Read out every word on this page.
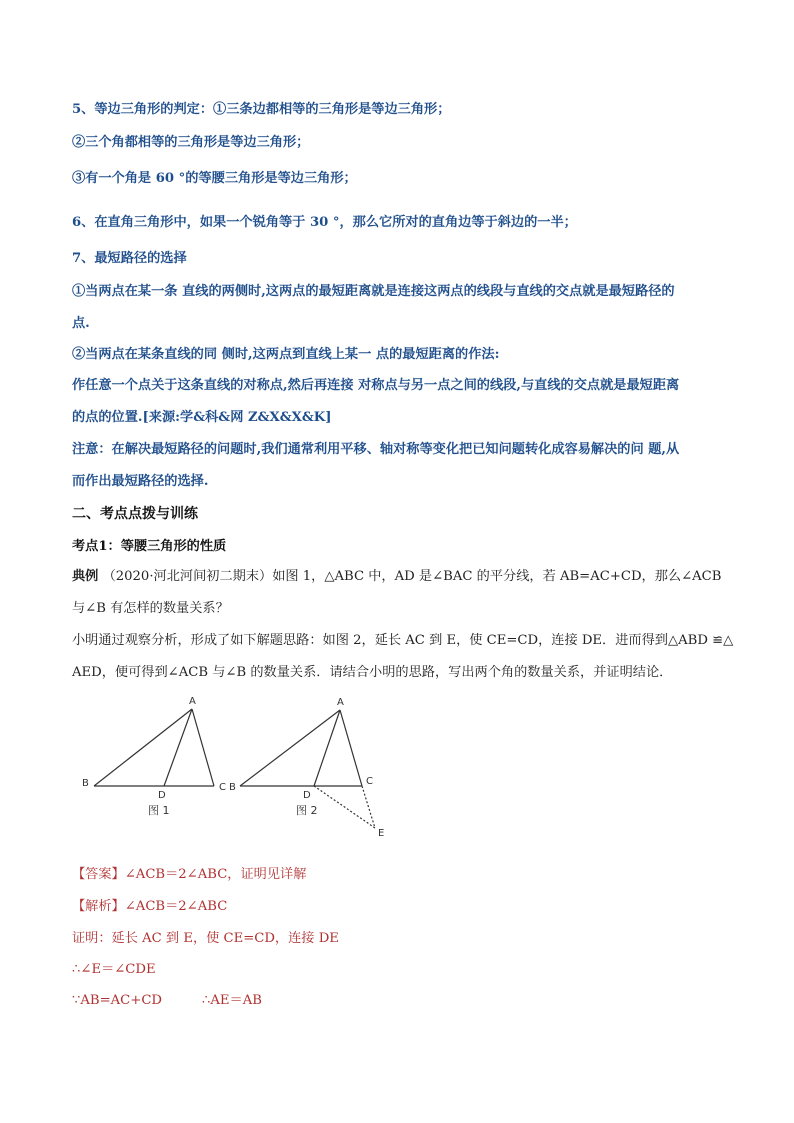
5、等边三角形的判定：①三条边都相等的三角形是等边三角形；
②三个角都相等的三角形是等边三角形；
③有一个角是 60 °的等腰三角形是等边三角形；
6、在直角三角形中，如果一个锐角等于 30 °，那么它所对的直角边等于斜边的一半；
7、最短路径的选择
①当两点在某一条 直线的两侧时,这两点的最短距离就是连接这两点的线段与直线的交点就是最短路径的
点.
②当两点在某条直线的同 侧时,这两点到直线上某一 点的最短距离的作法:
作任意一个点关于这条直线的对称点,然后再连接 对称点与另一点之间的线段,与直线的交点就是最短距离
的点的位置.[来源:学&科&网 Z&X&X&K]
注意：在解决最短路径的问题时,我们通常利用平移、轴对称等变化把已知问题转化成容易解决的问 题,从
而作出最短路径的选择.
二、考点点拨与训练
考点1：等腰三角形的性质
典例 （2020·河北河间初二期末）如图 1，△ABC 中，AD 是∠BAC 的平分线，若 AB=AC+CD，那么∠ACB
与∠B 有怎样的数量关系？
小明通过观察分析，形成了如下解题思路：如图 2，延长 AC 到 E，使 CE=CD，连接 DE．进而得到△ABD ≌△
AED，便可得到∠ACB 与∠B 的数量关系．请结合小明的思路，写出两个角的数量关系，并证明结论．
A
B	C
D
图 1
A
B
C
D
E
图 2
【答案】∠ACB＝2∠ABC，证明见详解
【解析】∠ACB＝2∠ABC
证明：延长 AC 到 E，使 CE=CD，连接 DE
∴∠E＝∠CDE
∵AB=AC+CD	∴AE＝AB
